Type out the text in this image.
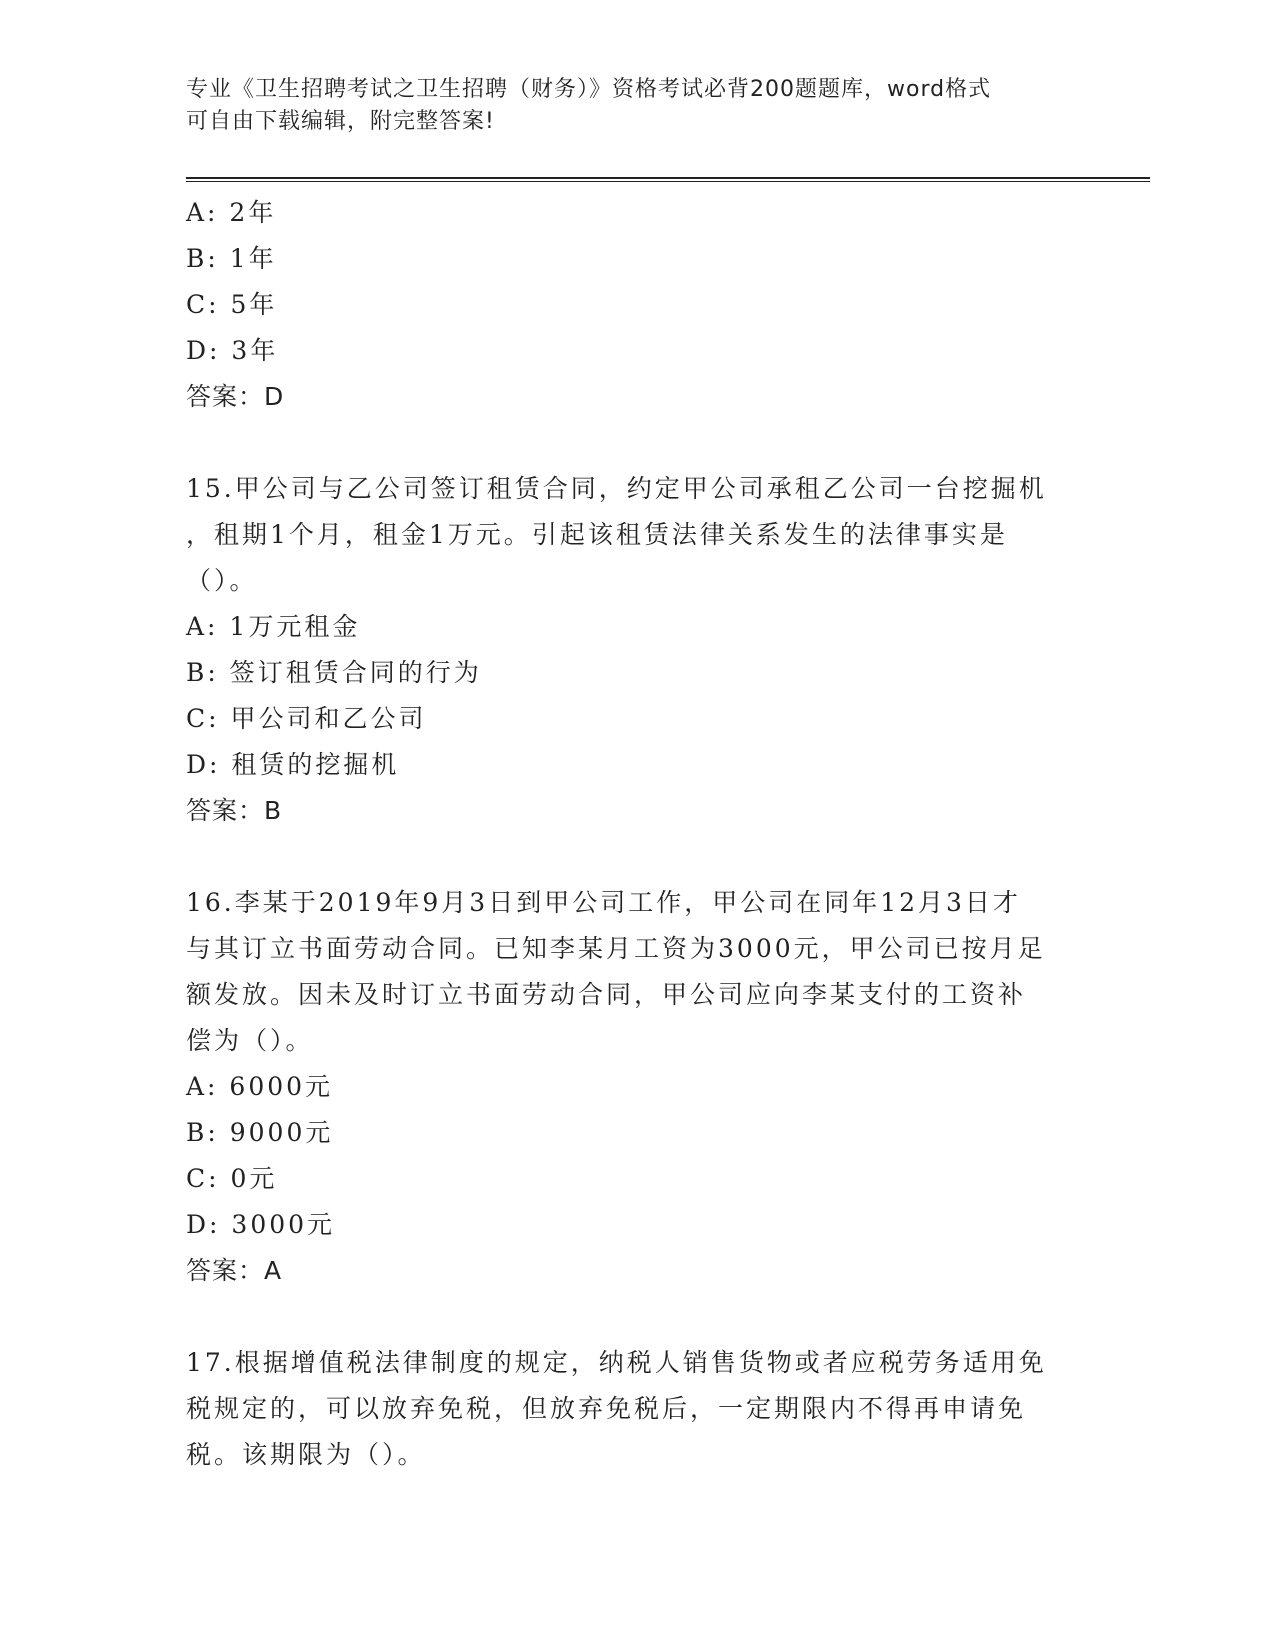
专业《卫生招聘考试之卫生招聘（财务）》资格考试必背200题题库，word格式
可自由下载编辑，附完整答案!

A: 2年

B: 1年

C: 5年

D: 3年

答案：D

15.甲公司与乙公司签订租赁合同，约定甲公司承租乙公司一台挖掘机

，租期1个月，租金1万元。引起该租赁法律关系发生的法律事实是

（）。

A: 1万元租金

B: 签订租赁合同的行为

C: 甲公司和乙公司

D: 租赁的挖掘机

答案：B

16.李某于2019年9月3日到甲公司工作，甲公司在同年12月3日才

与其订立书面劳动合同。已知李某月工资为3000元，甲公司已按月足

额发放。因未及时订立书面劳动合同，甲公司应向李某支付的工资补

偿为（）。

A: 6000元

B: 9000元

C: 0元

D: 3000元

答案：A

17.根据增值税法律制度的规定，纳税人销售货物或者应税劳务适用免

税规定的，可以放弃免税，但放弃免税后，一定期限内不得再申请免

税。该期限为（）。
